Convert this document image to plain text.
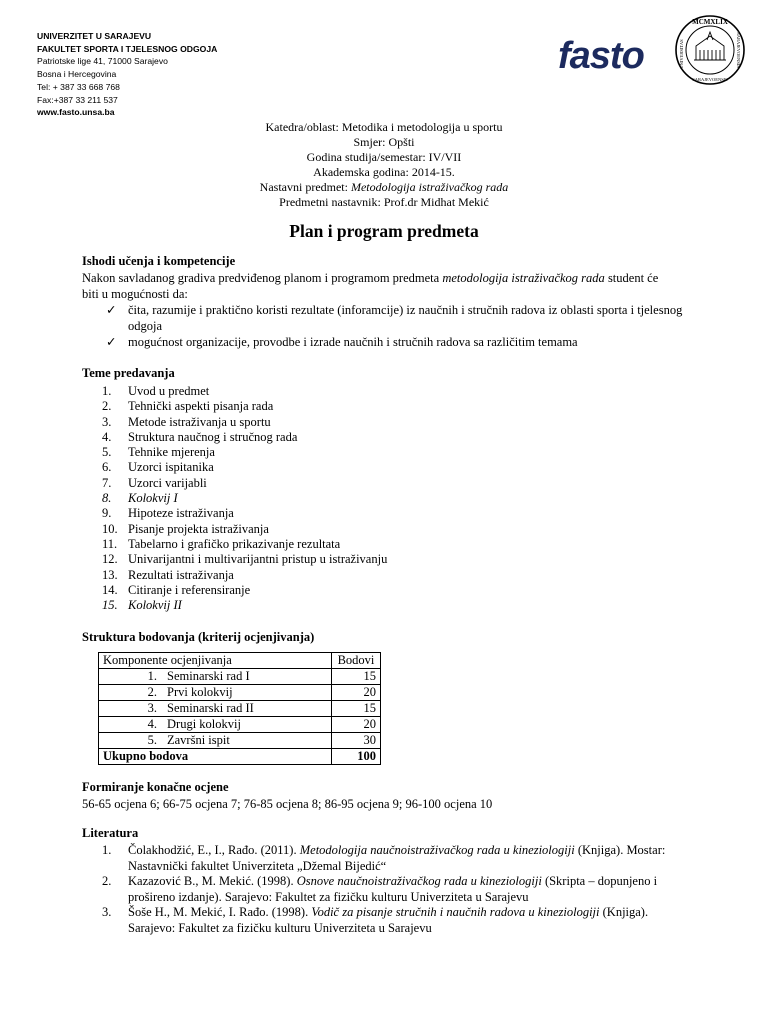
UNIVERZITET U SARAJEVU
FAKULTET SPORTA I TJELESNOG ODGOJA
Patriotske lige 41, 71000 Sarajevo
Bosna i Hercegovina
Tel: + 387 33 668 768
Fax:+387 33 211 537
www.fasto.unsa.ba
fasto
MCMXLIX
UNIVERSITAS	SARAJEVOENSIS
SARAJEVOENSIS
Katedra/oblast: Metodika i metodologija u sportu
Smjer: Opšti
Godina studija/semestar: IV/VII
Akademska godina: 2014-15.
Nastavni predmet: Metodologija istraživačkog rada
Predmetni nastavnik: Prof.dr Midhat Mekić
Plan i program predmeta
Ishodi učenja i kompetencije
Nakon savladanog gradiva predviđenog planom i programom predmeta metodologija istraživačkog rada student će biti u mogućnosti da:
✓ čita, razumije i praktično koristi rezultate (inforamcije) iz naučnih i stručnih radova iz oblasti sporta i tjelesnog odgoja
✓ mogućnost organizacije, provodbe i izrade naučnih i stručnih radova sa različitim temama
Teme predavanja
1. Uvod u predmet
2. Tehnički aspekti pisanja rada
3. Metode istraživanja u sportu
4. Struktura naučnog i stručnog rada
5. Tehnike mjerenja
6. Uzorci ispitanika
7. Uzorci varijabli
8. Kolokvij I
9. Hipoteze istraživanja
10. Pisanje projekta istraživanja
11. Tabelarno i grafičko prikazivanje rezultata
12. Univarijantni i multivarijantni pristup u istraživanju
13. Rezultati istraživanja
14. Citiranje i referensiranje
15. Kolokvij II
Struktura bodovanja (kriterij ocjenjivanja)
Komponente ocjenjivanja	Bodovi
1. Seminarski rad I	15
2. Prvi kolokvij	20
3. Seminarski rad II	15
4. Drugi kolokvij	20
5. Završni ispit	30
Ukupno bodova	100
Formiranje konačne ocjene
56-65 ocjena 6; 66-75 ocjena 7; 76-85 ocjena 8; 86-95 ocjena 9; 96-100 ocjena 10
Literatura
1. Čolakhodžić, E., I., Rađo. (2011). Metodologija naučnoistraživačkog rada u kineziologiji (Knjiga). Mostar: Nastavnički fakultet Univerziteta „Džemal Bijedić“
2. Kazazović B., M. Mekić. (1998). Osnove naučnoistraživačkog rada u kineziologiji (Skripta – dopunjeno i prošireno izdanje). Sarajevo: Fakultet za fizičku kulturu Univerziteta u Sarajevu
3. Šoše H., M. Mekić, I. Rađo. (1998). Vodič za pisanje stručnih i naučnih radova u kineziologiji (Knjiga). Sarajevo: Fakultet za fizičku kulturu Univerziteta u Sarajevu
